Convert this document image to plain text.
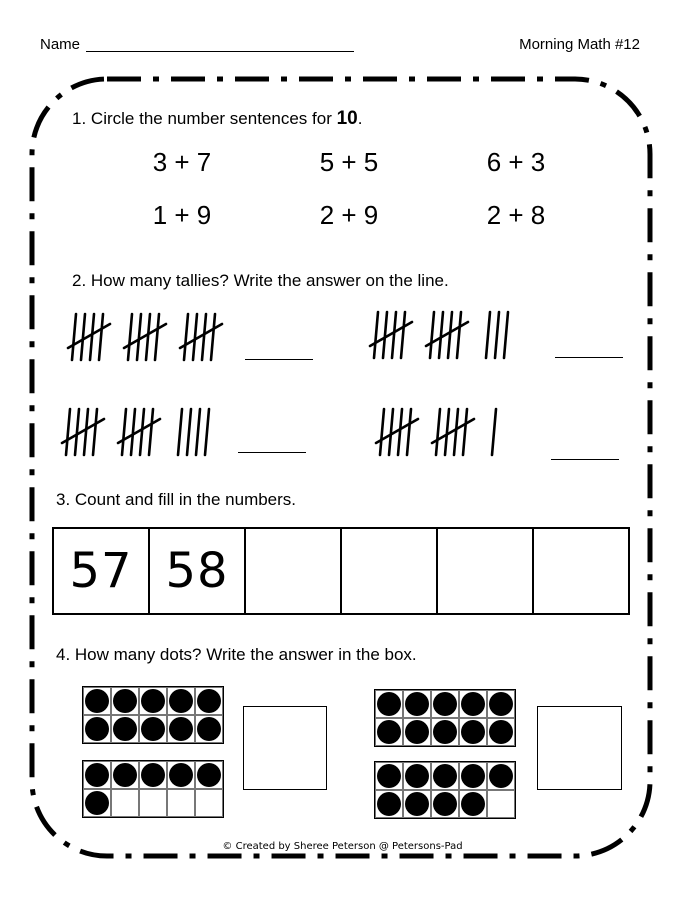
Name	Morning Math #12
1. Circle the number sentences for 10.
3 + 7	5 + 5	6 + 3
1 + 9	2 + 9	2 + 8
2. How many tallies? Write the answer on the line.
3. Count and fill in the numbers.
57 58
4. How many dots? Write the answer in the box.
© Created by Sheree Peterson @ Petersons-Pad
